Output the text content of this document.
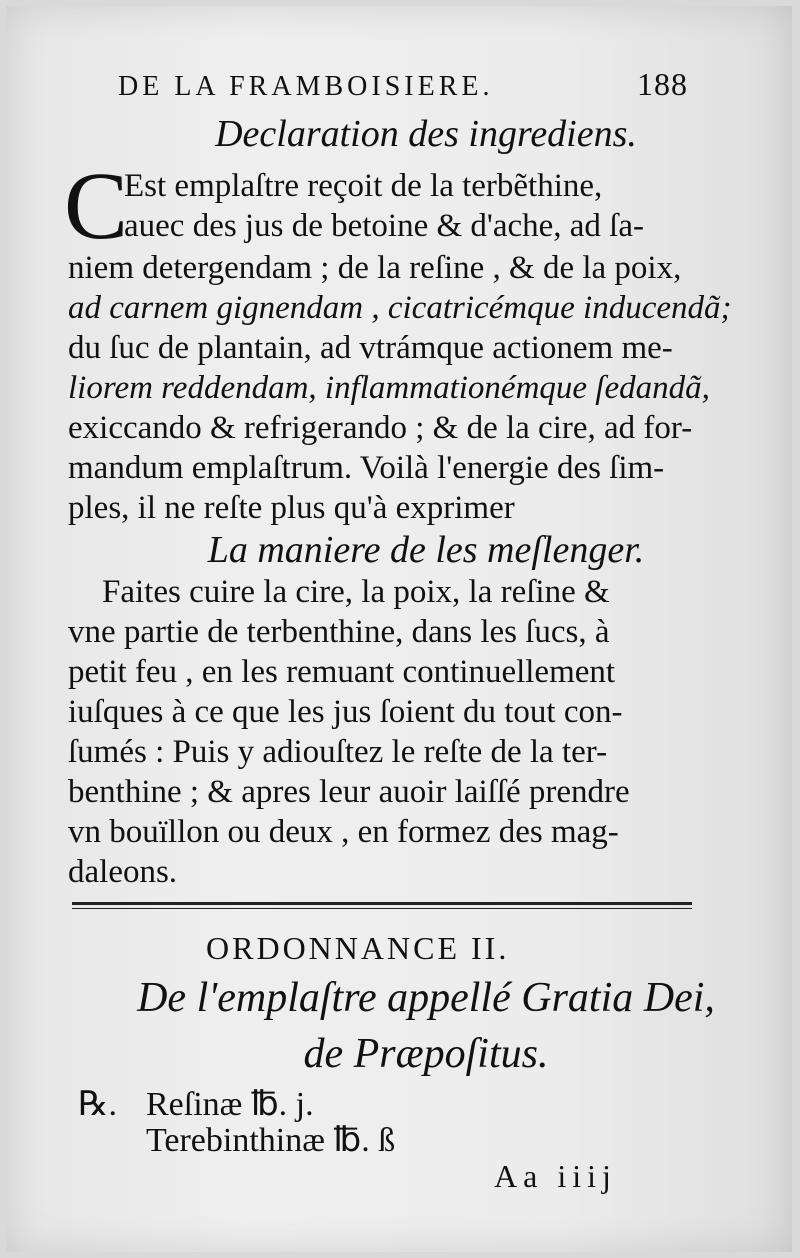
DE LA FRAMBOISIERE.	188
Declaration des ingrediens.
C
Est emplaſtre reçoit de la terbẽthine,
auec des jus de betoine & d'ache, ad ſa-
niem detergendam ; de la reſine , & de la poix,
ad carnem gignendam , cicatricémque inducendã;
du ſuc de plantain, ad vtrámque actionem me-
liorem reddendam, inflammationémque ſedandã,
exiccando & refrigerando ; & de la cire, ad for-
mandum emplaſtrum. Voilà l'energie des ſim-
ples, il ne reſte plus qu'à exprimer
La maniere de les meſlenger.
Faites cuire la cire, la poix, la reſine &
vne partie de terbenthine, dans les ſucs, à
petit feu , en les remuant continuellement
iuſques à ce que les jus ſoient du tout con-
ſumés : Puis y adiouſtez le reſte de la ter-
benthine ; & apres leur auoir laiſſé prendre
vn bouïllon ou deux , en formez des mag-
daleons.
ORDONNANCE II.
De l'emplaſtre appellé Gratia Dei,
de Præpoſitus.
℞. Reſinæ ℔. j.
Terebinthinæ ℔. ß
Aa iiij
